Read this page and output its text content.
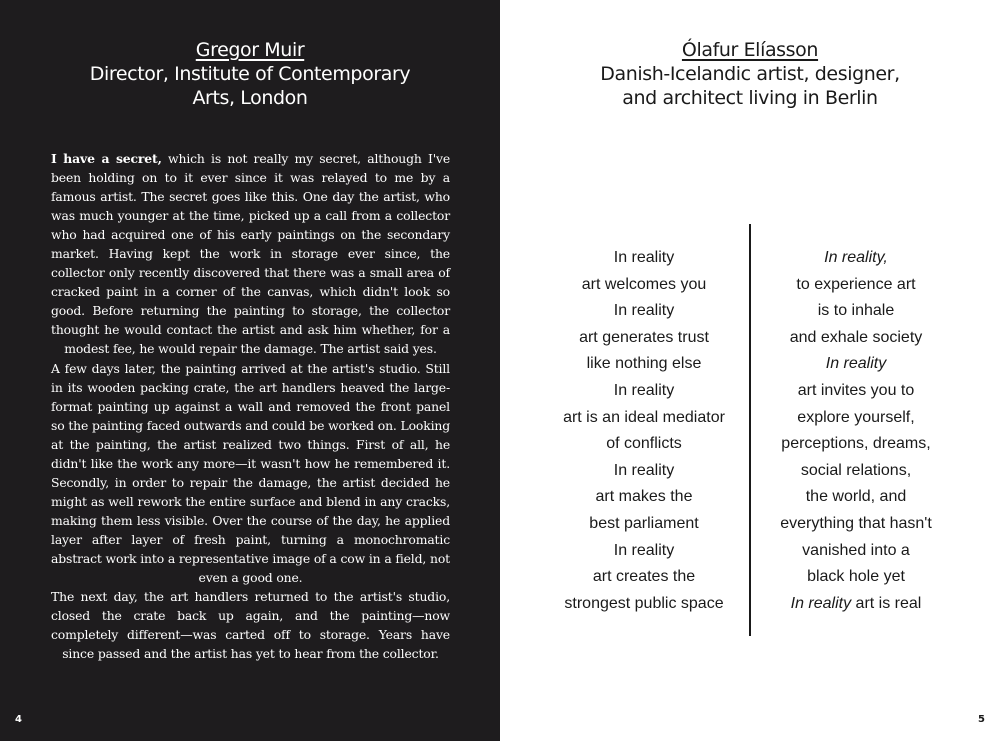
Gregor Muir
Director, Institute of Contemporary Arts, London

I have a secret, which is not really my secret, although I've been holding on to it ever since it was relayed to me by a famous artist. The secret goes like this. One day the artist, who was much younger at the time, picked up a call from a collector who had acquired one of his early paintings on the secondary market. Having kept the work in storage ever since, the collector only recently discovered that there was a small area of cracked paint in a corner of the canvas, which didn't look so good. Before returning the painting to storage, the collector thought he would contact the artist and ask him whether, for a modest fee, he would repair the damage. The artist said yes.

A few days later, the painting arrived at the artist's studio. Still in its wooden packing crate, the art handlers heaved the large-format painting up against a wall and removed the front panel so the painting faced outwards and could be worked on. Looking at the painting, the artist realized two things. First of all, he didn't like the work any more—it wasn't how he remembered it. Secondly, in order to repair the damage, the artist decided he might as well rework the entire surface and blend in any cracks, making them less visible. Over the course of the day, he applied layer after layer of fresh paint, turning a monochromatic abstract work into a representative image of a cow in a field, not even a good one.

The next day, the art handlers returned to the artist's studio, closed the crate back up again, and the painting—now completely different—was carted off to storage. Years have since passed and the artist has yet to hear from the collector.

4
Ólafur Elíasson
Danish-Icelandic artist, designer, and architect living in Berlin
In reality
art welcomes you
In reality
art generates trust
like nothing else
In reality
art is an ideal mediator
of conflicts
In reality
art makes the
best parliament
In reality
art creates the
strongest public space
In reality,
to experience art
is to inhale
and exhale society
In reality
art invites you to
explore yourself,
perceptions, dreams,
social relations,
the world, and
everything that hasn't
vanished into a
black hole yet
In reality art is real
5
